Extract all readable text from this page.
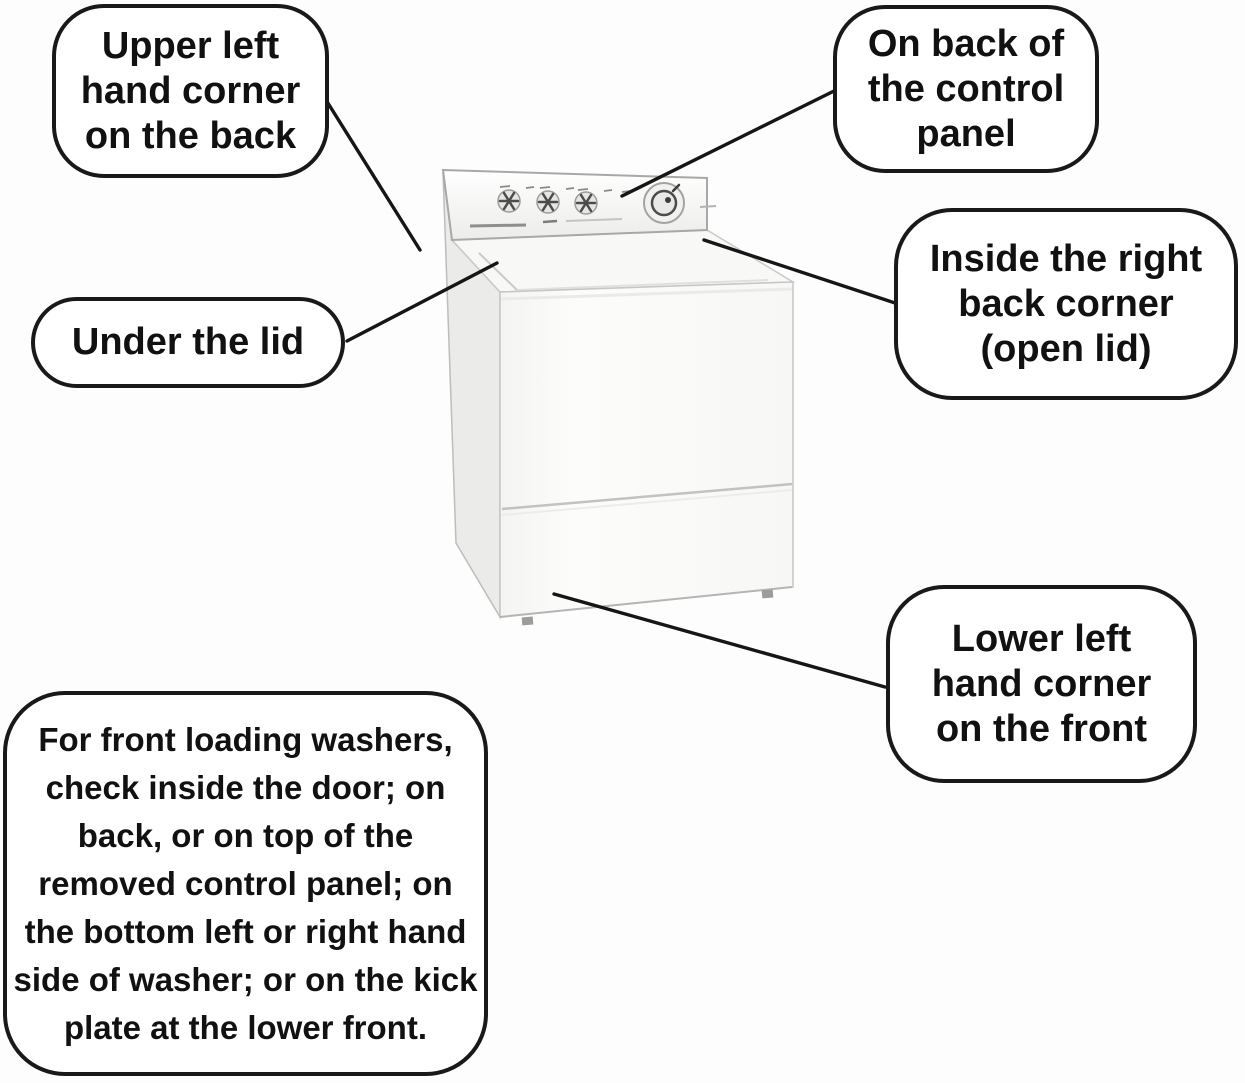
Upper left
hand corner
on the back
On back of
the control
panel
Under the lid
Inside the right
back corner
(open lid)
Lower left
hand corner
on the front
For front loading washers,
check inside the door; on
back, or on top of the
removed control panel; on
the bottom left or right hand
side of washer; or on the kick
plate at the lower front.
